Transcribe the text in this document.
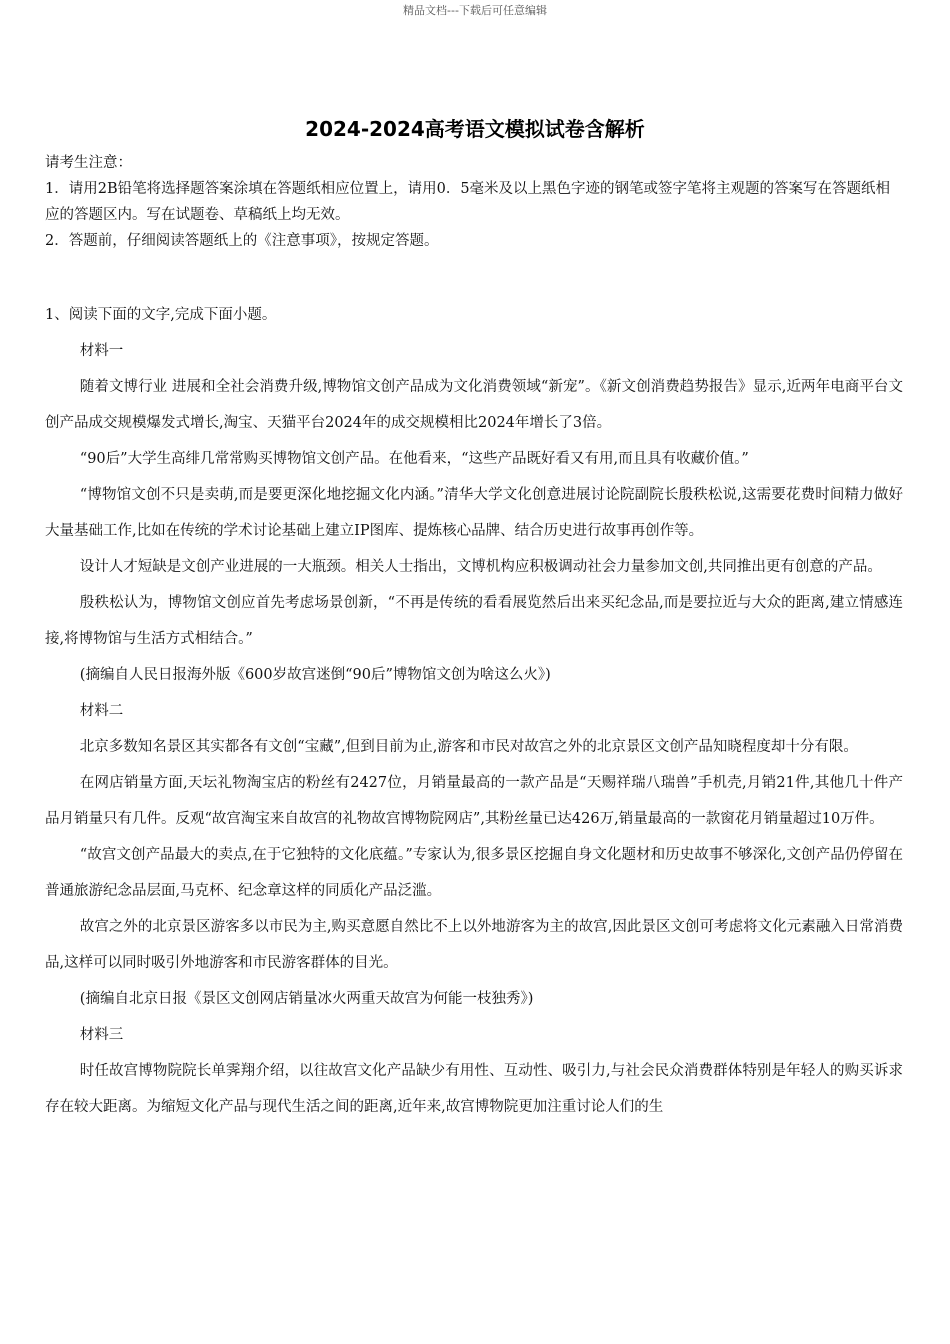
精品文档---下载后可任意编辑
2024-2024高考语文模拟试卷含解析
请考生注意：
1．请用2B铅笔将选择题答案涂填在答题纸相应位置上，请用0．5毫米及以上黑色字迹的钢笔或签字笔将主观题的答案写在答题纸相应的答题区内。写在试题卷、草稿纸上均无效。
2．答题前，仔细阅读答题纸上的《注意事项》，按规定答题。

1、阅读下面的文字,完成下面小题。

材料一

随着文博行业 进展和全社会消费升级,博物馆文创产品成为文化消费领域“新宠”。《新文创消费趋势报告》显示,近两年电商平台文创产品成交规模爆发式增长,淘宝、天猫平台2024年的成交规模相比2024年增长了3倍。

“90后”大学生高绯几常常购买博物馆文创产品。在他看来，“这些产品既好看又有用,而且具有收藏价值。”

“博物馆文创不只是卖萌,而是要更深化地挖掘文化内涵。”清华大学文化创意进展讨论院副院长殷秩松说,这需要花费时间精力做好大量基础工作,比如在传统的学术讨论基础上建立IP图库、提炼核心品牌、结合历史进行故事再创作等。

设计人才短缺是文创产业进展的一大瓶颈。相关人士指出，文博机构应积极调动社会力量参加文创,共同推出更有创意的产品。

殷秩松认为，博物馆文创应首先考虑场景创新，“不再是传统的看看展览然后出来买纪念品,而是要拉近与大众的距离,建立情感连接,将博物馆与生活方式相结合。”

(摘编自人民日报海外版《600岁故宫迷倒“90后”博物馆文创为啥这么火》)

材料二

北京多数知名景区其实都各有文创“宝藏”,但到目前为止,游客和市民对故宫之外的北京景区文创产品知晓程度却十分有限。

在网店销量方面,天坛礼物淘宝店的粉丝有2427位，月销量最高的一款产品是“天赐祥瑞八瑞兽”手机壳,月销21件,其他几十件产品月销量只有几件。反观“故宫淘宝来自故宫的礼物故宫博物院网店”,其粉丝量已达426万,销量最高的一款窗花月销量超过10万件。

“故宫文创产品最大的卖点,在于它独特的文化底蕴。”专家认为,很多景区挖掘自身文化题材和历史故事不够深化,文创产品仍停留在普通旅游纪念品层面,马克杯、纪念章这样的同质化产品泛滥。

故宫之外的北京景区游客多以市民为主,购买意愿自然比不上以外地游客为主的故宫,因此景区文创可考虑将文化元素融入日常消费品,这样可以同时吸引外地游客和市民游客群体的目光。

(摘编自北京日报《景区文创网店销量冰火两重天故宫为何能一枝独秀》)

材料三

时任故宫博物院院长单霁翔介绍，以往故宫文化产品缺少有用性、互动性、吸引力,与社会民众消费群体特别是年轻人的购买诉求存在较大距离。为缩短文化产品与现代生活之间的距离,近年来,故宫博物院更加注重讨论人们的生
